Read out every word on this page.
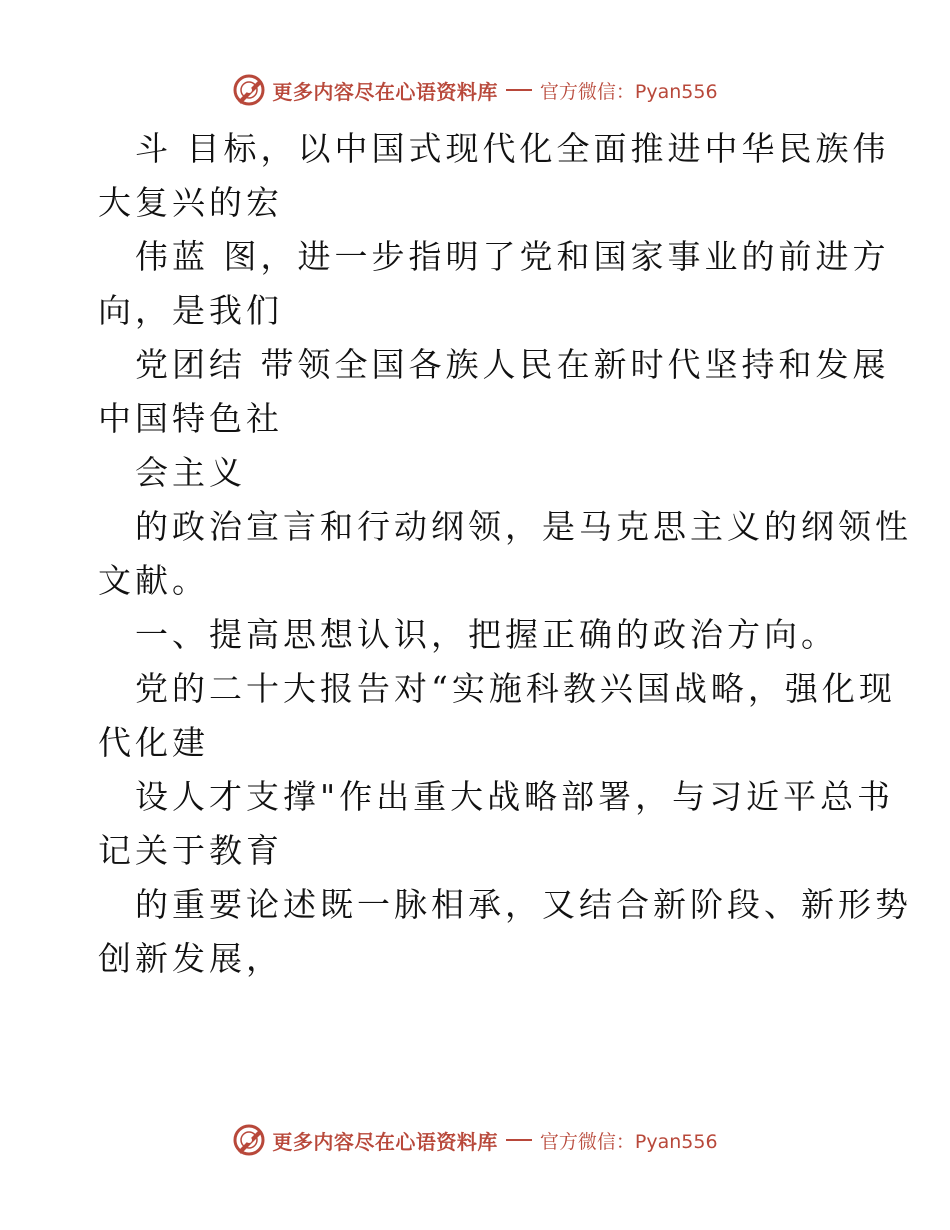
更多内容尽在心语资料库 官方微信：Pyan556
斗 目标，以中国式现代化全面推进中华民族伟
大复兴的宏
伟蓝 图，进一步指明了党和国家事业的前进方
向，是我们
党团结 带领全国各族人民在新时代坚持和发展
中国特色社
会主义
的政治宣言和行动纲领，是马克思主义的纲领性
文献。
一、提高思想认识，把握正确的政治方向。
党的二十大报告对“实施科教兴国战略，强化现
代化建
设人才支撑"作出重大战略部署，与习近平总书
记关于教育
的重要论述既一脉相承，又结合新阶段、新形势
创新发展，
更多内容尽在心语资料库 官方微信：Pyan556
